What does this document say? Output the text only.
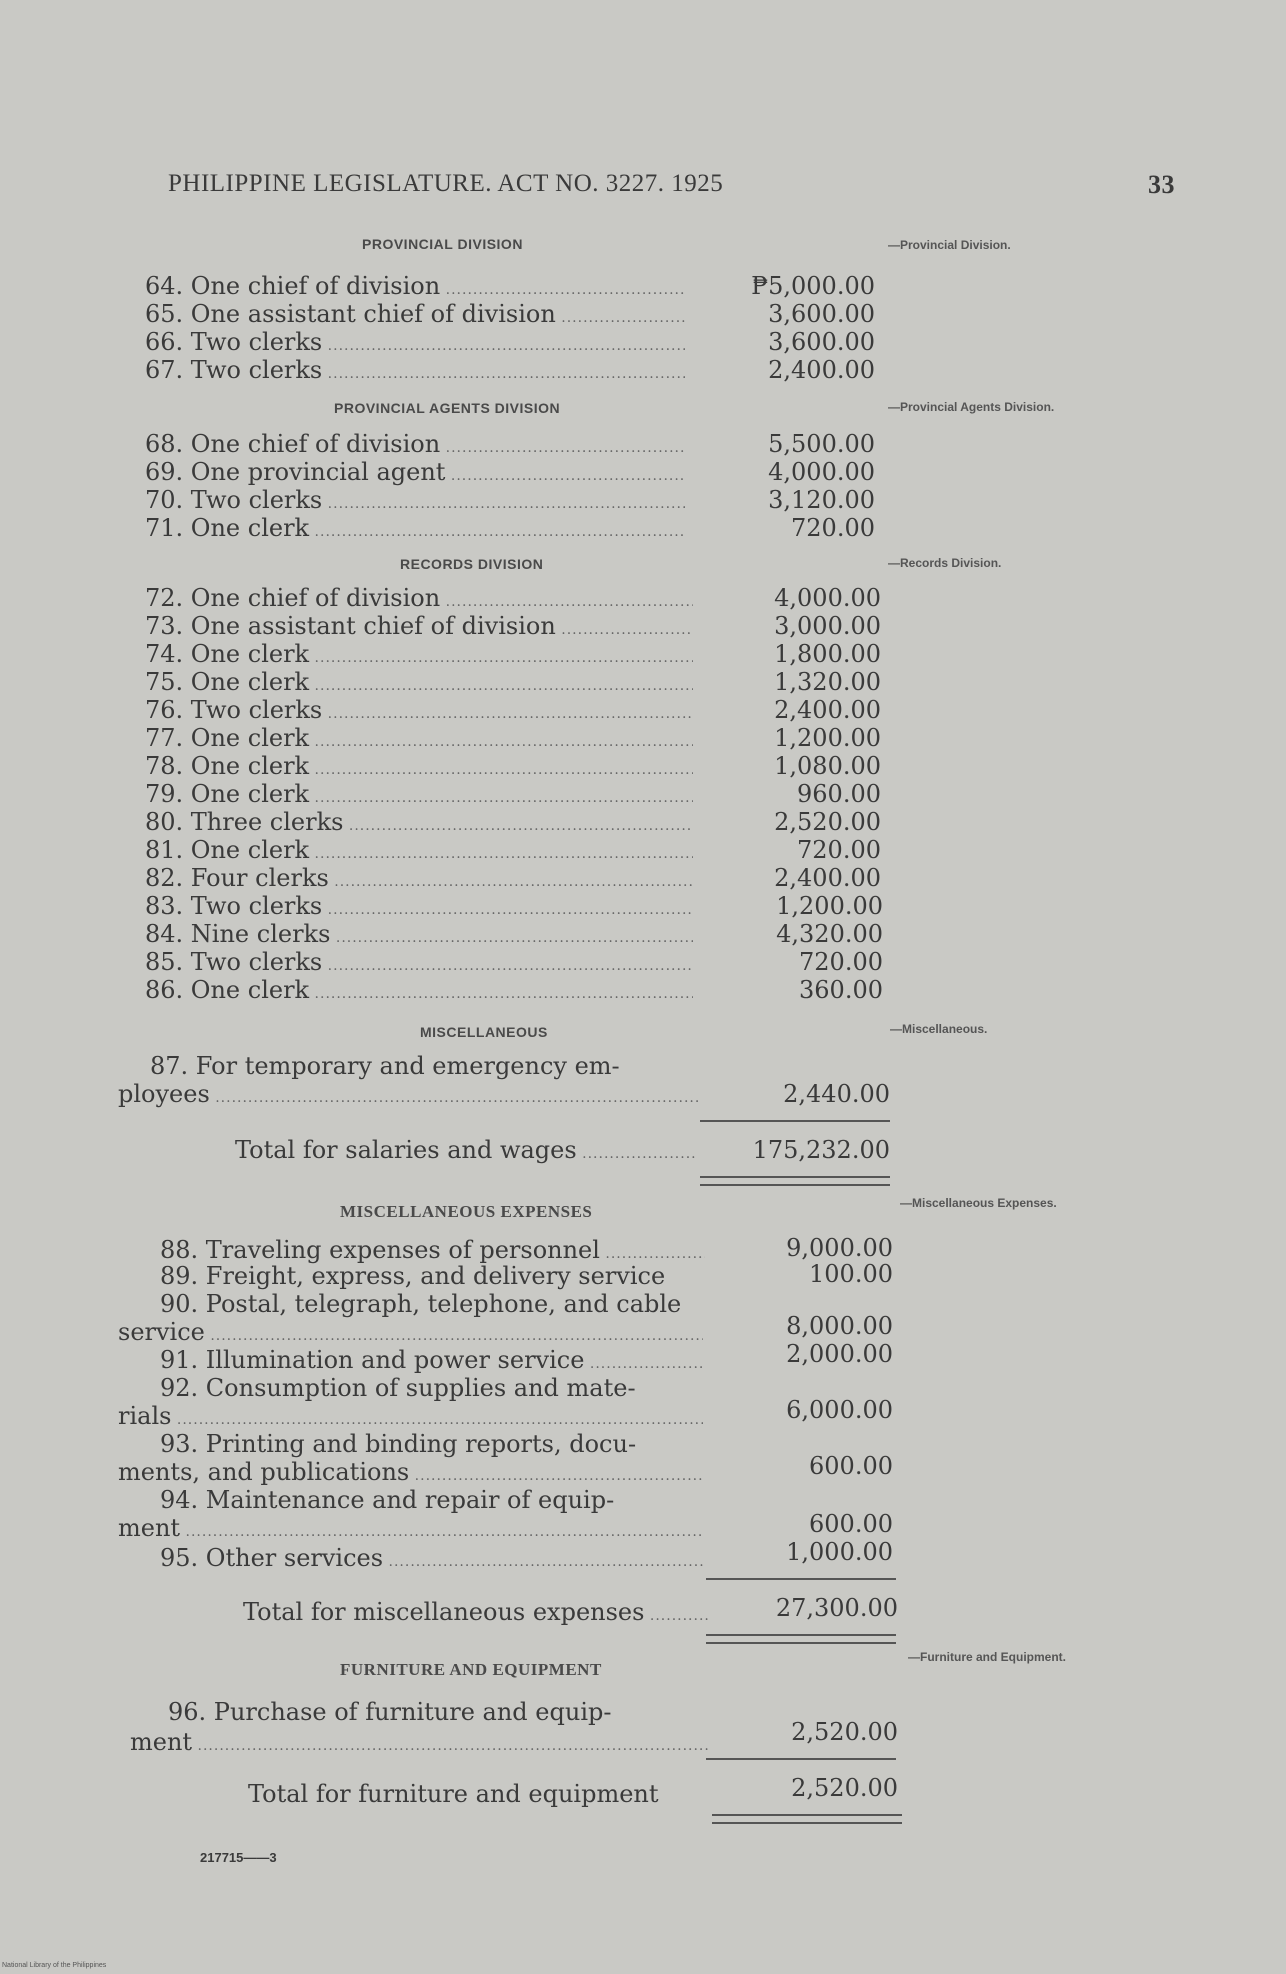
PHILIPPINE LEGISLATURE. ACT NO. 3227. 1925	33
PROVINCIAL DIVISION	—Provincial Division.
64. One chief of division .....	₱5,000.00
65. One assistant chief of division .....	3,600.00
66. Two clerks .....	3,600.00
67. Two clerks .....	2,400.00
68. One chief of division .....	5,500.00
69. One provincial agent .....	4,000.00
70. Two clerks .....	3,120.00
71. One clerk .....	720.00
72. One chief of division .....	4,000.00
73. One assistant chief of division .....	3,000.00
74. One clerk .....	1,800.00
75. One clerk .....	1,320.00
76. Two clerks .....	2,400.00
77. One clerk .....	1,200.00
78. One clerk .....	1,080.00
79. One clerk .....	960.00
80. Three clerks .....	2,520.00
81. One clerk .....	720.00
82. Four clerks .....	2,400.00
83. Two clerks .....	1,200.00
84. Nine clerks .....	4,320.00
85. Two clerks .....	720.00
86. One clerk .....	360.00
PROVINCIAL AGENTS DIVISION	—Provincial Agents Division.
RECORDS DIVISION	—Records Division.
MISCELLANEOUS	—Miscellaneous.
87. For temporary and emergency em-
ployees .....	2,440.00
Total for salaries and wages .....	175,232.00
MISCELLANEOUS EXPENSES	—Miscellaneous Expenses.
88. Traveling expenses of personnel .....	9,000.00
89. Freight, express, and delivery service	100.00
90. Postal, telegraph, telephone, and cable
service .....	8,000.00
91. Illumination and power service .....	2,000.00
92. Consumption of supplies and mate-
rials .....	6,000.00
93. Printing and binding reports, docu-
ments, and publications .....	600.00
94. Maintenance and repair of equip-
ment .....	600.00
95. Other services .....	1,000.00
Total for miscellaneous expenses .....	27,300.00
FURNITURE AND EQUIPMENT
—Furniture and Equipment.
96. Purchase of furniture and equip-
ment .....	2,520.00
Total for furniture and equipment	2,520.00
217715——3
National Library of the Philippines
